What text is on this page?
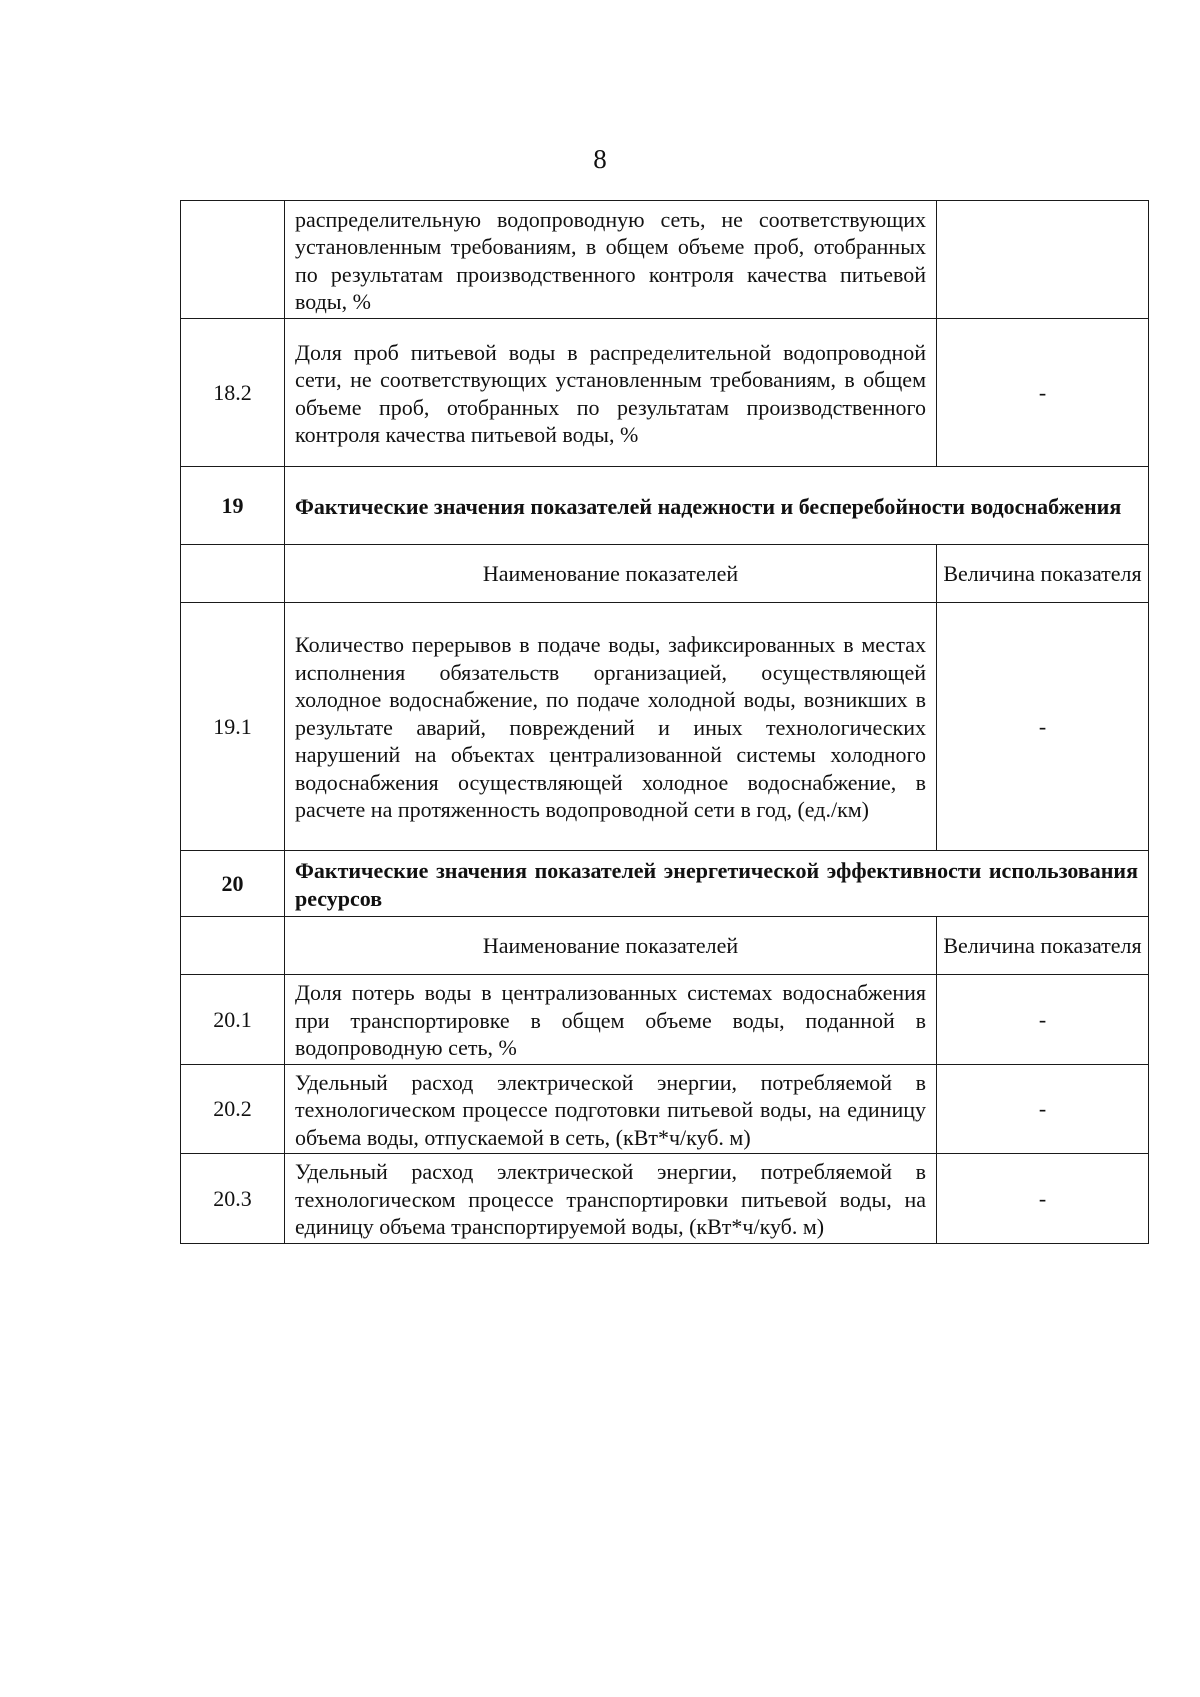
8
	распределительную водопроводную сеть, не соответствующих установленным требованиям, в общем объеме проб, отобранных по результатам производственного контроля качества питьевой воды, %	
18.2	Доля проб питьевой воды в распределительной водопроводной сети, не соответствующих установленным требованиям, в общем объеме проб, отобранных по результатам производственного контроля качества питьевой воды, %	-
19	Фактические значения показателей надежности и бесперебойности водоснабжения	
	Наименование показателей	Величина показателя
19.1	Количество перерывов в подаче воды, зафиксированных в местах исполнения обязательств организацией, осуществляющей холодное водоснабжение, по подаче холодной воды, возникших в результате аварий, повреждений и иных технологических нарушений на объектах централизованной системы холодного водоснабжения осуществляющей холодное водоснабжение, в расчете на протяженность водопроводной сети в год, (ед./км)	-
20	Фактические значения показателей энергетической эффективности использования ресурсов	
	Наименование показателей	Величина показателя
20.1	Доля потерь воды в централизованных системах водоснабжения при транспортировке в общем объеме воды, поданной в водопроводную сеть, %	-
20.2	Удельный расход электрической энергии, потребляемой в технологическом процессе подготовки питьевой воды, на единицу объема воды, отпускаемой в сеть, (кВт*ч/куб. м)	-
20.3	Удельный расход электрической энергии, потребляемой в технологическом процессе транспортировки питьевой воды, на единицу объема транспортируемой воды, (кВт*ч/куб. м)	-
